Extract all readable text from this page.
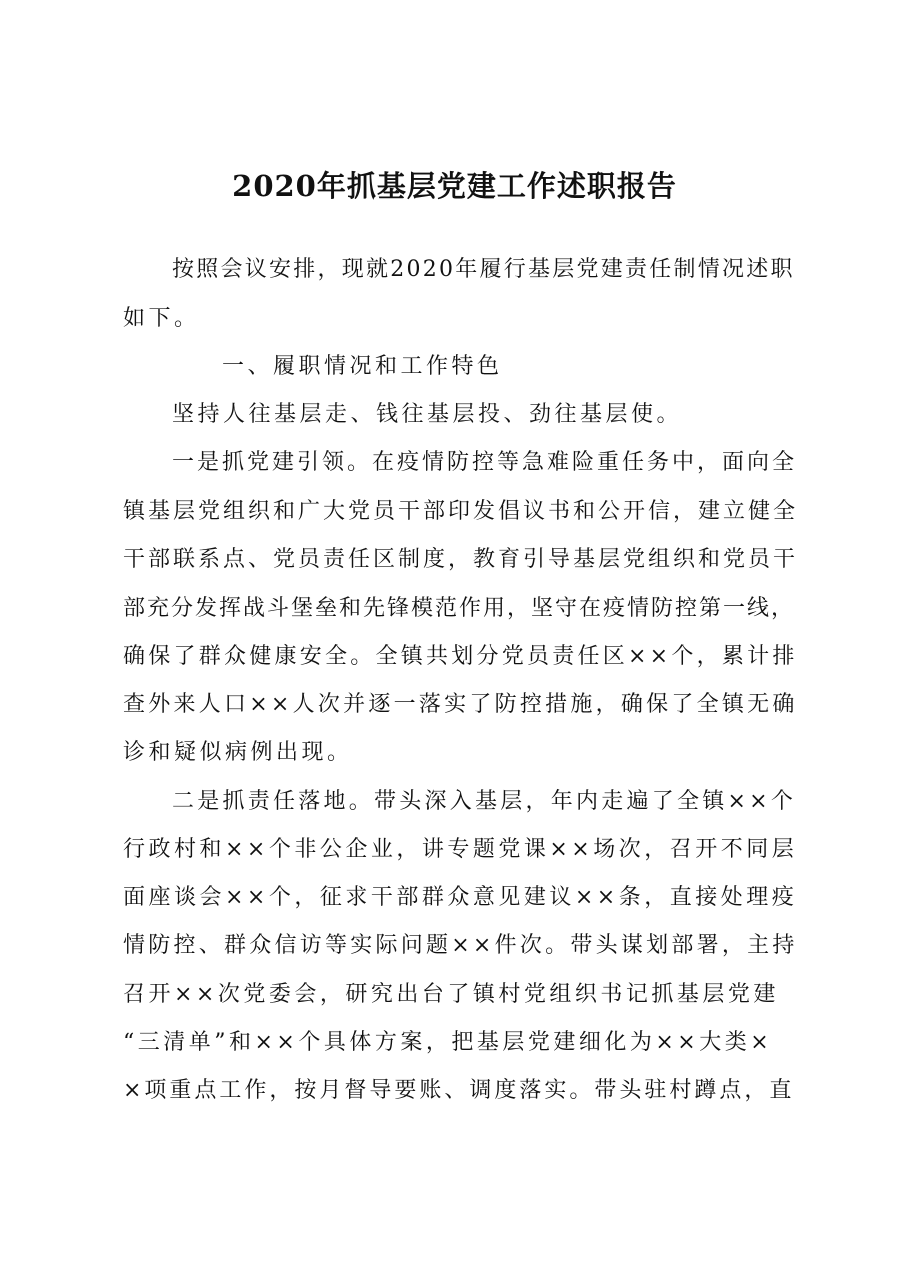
2020年抓基层党建工作述职报告
按照会议安排，现就2020年履行基层党建责任制情况述职
如下。
一、履职情况和工作特色
坚持人往基层走、钱往基层投、劲往基层使。
一是抓党建引领。在疫情防控等急难险重任务中，面向全
镇基层党组织和广大党员干部印发倡议书和公开信，建立健全
干部联系点、党员责任区制度，教育引导基层党组织和党员干
部充分发挥战斗堡垒和先锋模范作用，坚守在疫情防控第一线，
确保了群众健康安全。全镇共划分党员责任区××个，累计排
查外来人口××人次并逐一落实了防控措施，确保了全镇无确
诊和疑似病例出现。
二是抓责任落地。带头深入基层，年内走遍了全镇××个
行政村和××个非公企业，讲专题党课××场次，召开不同层
面座谈会××个，征求干部群众意见建议××条，直接处理疫
情防控、群众信访等实际问题××件次。带头谋划部署，主持
召开××次党委会，研究出台了镇村党组织书记抓基层党建
“三清单”和××个具体方案，把基层党建细化为××大类×
×项重点工作，按月督导要账、调度落实。带头驻村蹲点，直
